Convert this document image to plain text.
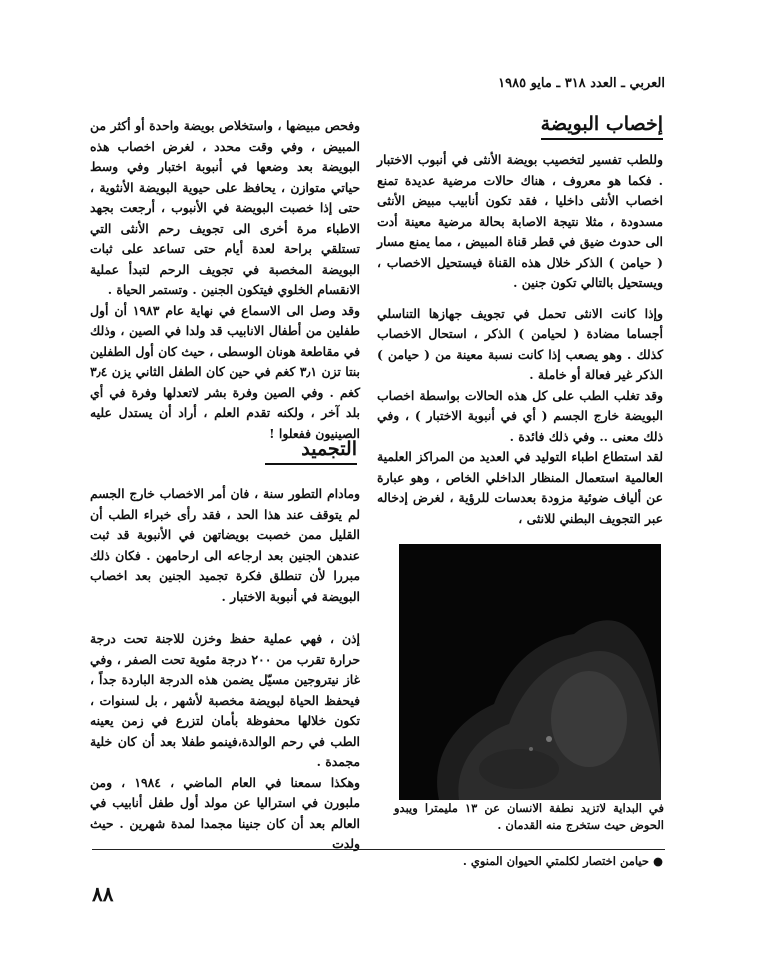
العربي ـ العدد ٣١٨ ـ مايو ١٩٨٥
إخصاب البويضة

وللطب تفسير لتخصيب بويضة الأنثى في أنبوب الاختبار . فكما هو معروف ، هناك حالات مرضية عديدة تمنع اخصاب الأنثى داخليا ، فقد تكون أنابيب مبيض الأنثى مسدودة ، مثلا نتيجة الاصابة بحالة مرضية معينة أدت الى حدوث ضيق في قطر قناة المبيض ، مما يمنع مسار ( حيامن ) الذكر خلال هذه القناة فيستحيل الاخصاب ، ويستحيل بالتالي تكون جنين .

وإذا كانت الانثى تحمل في تجويف جهازها التناسلي أجساما مضادة ( لحيامن ) الذكر ، استحال الاخصاب كذلك . وهو يصعب إذا كانت نسبة معينة من ( حيامن ) الذكر غير فعالة أو خاملة .

وقد تغلب الطب على كل هذه الحالات بواسطة اخصاب البويضة خارج الجسم ( أي في أنبوبة الاختبار ) ، وفي ذلك معنى .. وفي ذلك فائدة .

لقد استطاع اطباء التوليد في العديد من المراكز العلمية العالمية استعمال المنظار الداخلي الخاص ، وهو عبارة عن ألياف ضوئية مزودة بعدسات للرؤية ، لغرض إدخاله عبر التجويف البطني للانثى ،

وفحص مبيضها ، واستخلاص بويضة واحدة أو أكثر من المبيض ، وفي وقت محدد ، لغرض اخصاب هذه البويضة بعد وضعها في أنبوبة اختبار وفي وسط حياتي متوازن ، يحافظ على حيوية البويضة الأنثوية ، حتى إذا خصبت البويضة في الأنبوب ، أرجعت بجهد الاطباء مرة أخرى الى تجويف رحم الأنثى التي تستلقي براحة لعدة أيام حتى تساعد على ثبات البويضة المخصبة في تجويف الرحم لتبدأ عملية الانقسام الخلوي فيتكون الجنين . وتستمر الحياة .

وقد وصل الى الاسماع في نهاية عام ١٩٨٣ أن أول طفلين من أطفال الانابيب قد ولدا في الصين ، وذلك في مقاطعة هونان الوسطى ، حيث كان أول الطفلين بنتا تزن ٣٫١ كغم في حين كان الطفل الثاني يزن ٣٫٤ كغم . وفي الصين وفرة بشر لاتعدلها وفرة في أي بلد آخر ، ولكنه تقدم العلم ، أراد أن يستدل عليه الصينيون ففعلوا !

التجميد

ومادام التطور سنة ، فان أمر الاخصاب خارج الجسم لم يتوقف عند هذا الحد ، فقد رأى خبراء الطب أن القليل ممن خصبت بويضاتهن في الأنبوبة قد ثبت عندهن الجنين بعد ارجاعه الى ارحامهن . فكان ذلك مبررا لأن تنطلق فكرة تجميد الجنين بعد اخصاب البويضة في أنبوبة الاختبار .

إذن ، فهي عملية حفظ وخزن للاجنة تحت درجة حرارة تقرب من ٢٠٠ درجة مئوية تحت الصفر ، وفي غاز نيتروجين مسيّل يضمن هذه الدرجة الباردة جداً ، فيحفظ الحياة لبويضة مخصبة لأشهر ، بل لسنوات ، تكون خلالها محفوظة بأمان لتزرع في زمن يعينه الطب في رحم الوالدة،فينمو طفلا بعد أن كان خلية مجمدة .

وهكذا سمعنا في العام الماضي ، ١٩٨٤ ، ومن ملبورن في استراليا عن مولد أول طفل أنابيب في العالم بعد أن كان جنينا مجمدا لمدة شهرين . حيث ولدت

في البداية لاتزيد نطفة الانسان عن ١٣ مليمترا ويبدو الحوض حيث ستخرج منه القدمان .
● حيامن اختصار لكلمتي الحيوان المنوي .
٨٨
